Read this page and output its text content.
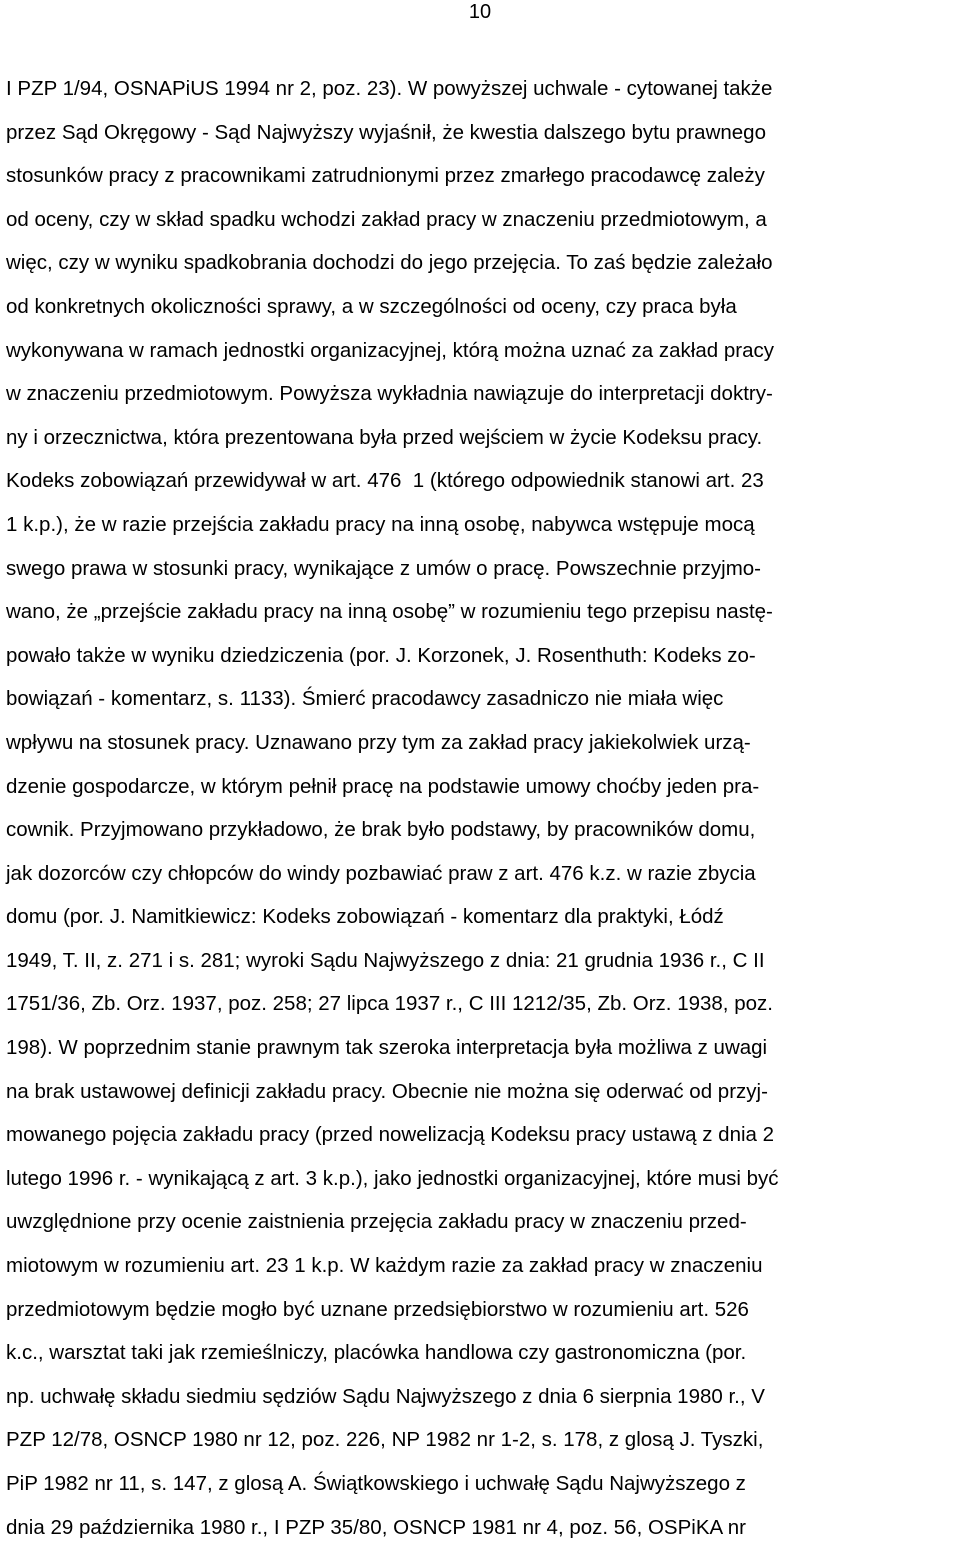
10
I PZP 1/94, OSNAPiUS 1994 nr 2, poz. 23). W powyższej uchwale - cytowanej także
przez Sąd Okręgowy - Sąd Najwyższy wyjaśnił, że kwestia dalszego bytu prawnego
stosunków pracy z pracownikami zatrudnionymi przez zmarłego pracodawcę zależy
od oceny, czy w skład spadku wchodzi zakład pracy w znaczeniu przedmiotowym, a
więc, czy w wyniku spadkobrania dochodzi do jego przejęcia. To zaś będzie zależało
od konkretnych okoliczności sprawy, a w szczególności od oceny, czy praca była
wykonywana w ramach jednostki organizacyjnej, którą można uznać za zakład pracy
w znaczeniu przedmiotowym. Powyższa wykładnia nawiązuje do interpretacji doktry-
ny i orzecznictwa, która prezentowana była przed wejściem w życie Kodeksu pracy.
Kodeks zobowiązań przewidywał w art. 476  1 (którego odpowiednik stanowi art. 23
1 k.p.), że w razie przejścia zakładu pracy na inną osobę, nabywca wstępuje mocą
swego prawa w stosunki pracy, wynikające z umów o pracę. Powszechnie przyjmo-
wano, że „przejście zakładu pracy na inną osobę” w rozumieniu tego przepisu nastę-
powało także w wyniku dziedziczenia (por. J. Korzonek, J. Rosenthuth: Kodeks zo-
bowiązań - komentarz, s. 1133). Śmierć pracodawcy zasadniczo nie miała więc
wpływu na stosunek pracy. Uznawano przy tym za zakład pracy jakiekolwiek urzą-
dzenie gospodarcze, w którym pełnił pracę na podstawie umowy choćby jeden pra-
cownik. Przyjmowano przykładowo, że brak było podstawy, by pracowników domu,
jak dozorców czy chłopców do windy pozbawiać praw z art. 476 k.z. w razie zbycia
domu (por. J. Namitkiewicz: Kodeks zobowiązań - komentarz dla praktyki, Łódź
1949, T. II, z. 271 i s. 281; wyroki Sądu Najwyższego z dnia: 21 grudnia 1936 r., C II
1751/36, Zb. Orz. 1937, poz. 258; 27 lipca 1937 r., C III 1212/35, Zb. Orz. 1938, poz.
198). W poprzednim stanie prawnym tak szeroka interpretacja była możliwa z uwagi
na brak ustawowej definicji zakładu pracy. Obecnie nie można się oderwać od przyj-
mowanego pojęcia zakładu pracy (przed nowelizacją Kodeksu pracy ustawą z dnia 2
lutego 1996 r. - wynikającą z art. 3 k.p.), jako jednostki organizacyjnej, które musi być
uwzględnione przy ocenie zaistnienia przejęcia zakładu pracy w znaczeniu przed-
miotowym w rozumieniu art. 23 1 k.p. W każdym razie za zakład pracy w znaczeniu
przedmiotowym będzie mogło być uznane przedsiębiorstwo w rozumieniu art. 526
k.c., warsztat taki jak rzemieślniczy, placówka handlowa czy gastronomiczna (por.
np. uchwałę składu siedmiu sędziów Sądu Najwyższego z dnia 6 sierpnia 1980 r., V
PZP 12/78, OSNCP 1980 nr 12, poz. 226, NP 1982 nr 1-2, s. 178, z glosą J. Tyszki,
PiP 1982 nr 11, s. 147, z glosą A. Świątkowskiego i uchwałę Sądu Najwyższego z
dnia 29 października 1980 r., I PZP 35/80, OSNCP 1981 nr 4, poz. 56, OSPiKA nr
